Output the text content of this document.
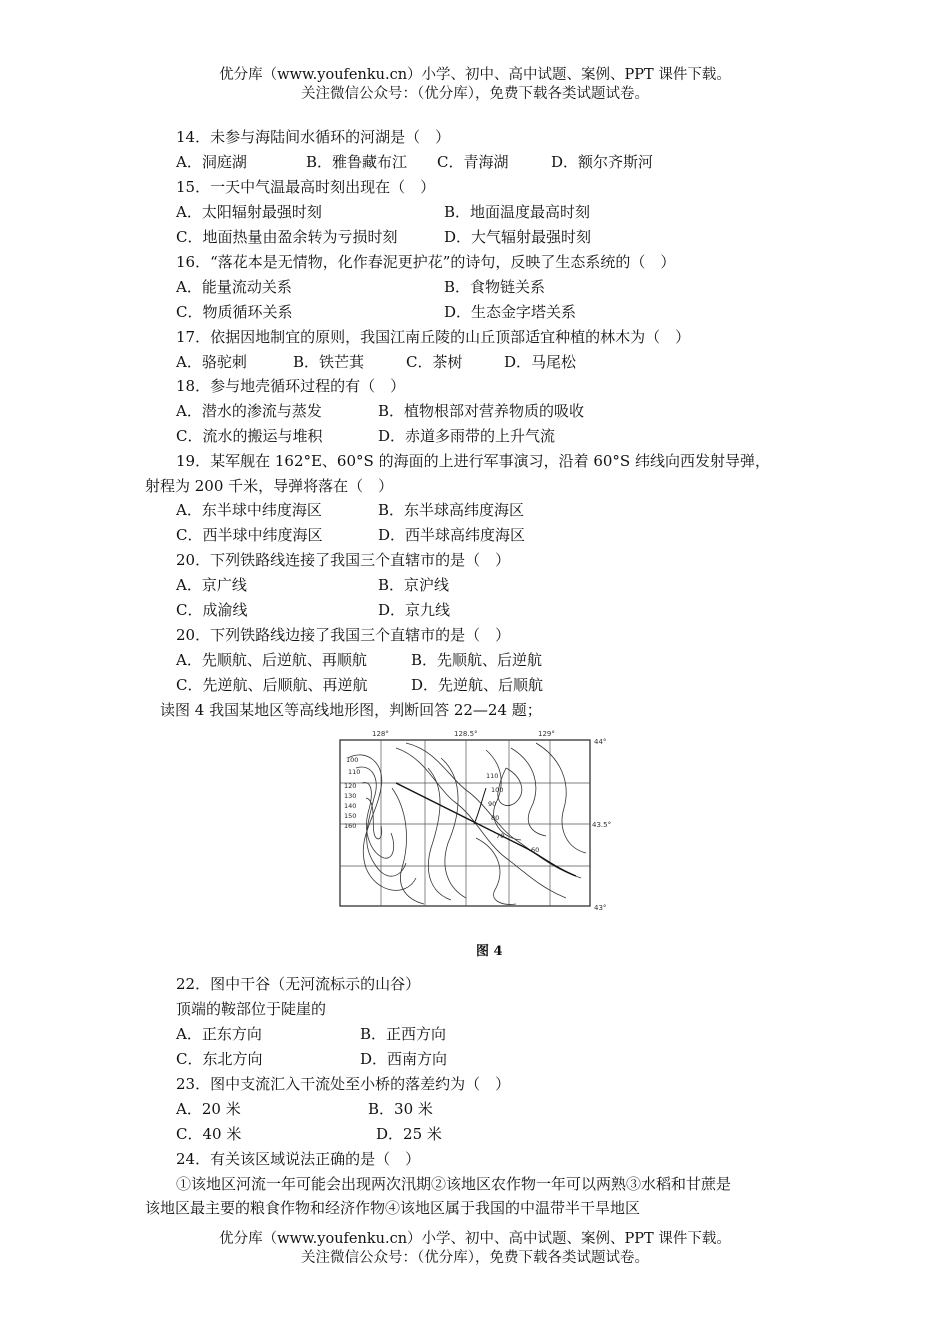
优分库（www.youfenku.cn）小学、初中、高中试题、案例、PPT 课件下载。
关注微信公众号：（优分库），免费下载各类试题试卷。
14．未参与海陆间水循环的河湖是（　）
A．洞庭湖	B．雅鲁藏布江 C．青海湖	D．额尔齐斯河
15．一天中气温最高时刻出现在（　）
A．太阳辐射最强时刻	B．地面温度最高时刻
C．地面热量由盈余转为亏损时刻	D．大气辐射最强时刻
16．“落花本是无情物，化作春泥更护花”的诗句，反映了生态系统的（　）
A．能量流动关系	B．食物链关系
C．物质循环关系	D．生态金字塔关系
17．依据因地制宜的原则，我国江南丘陵的山丘顶部适宜种植的林木为（　）
A．骆驼刺	B．铁芒萁	C．茶树	D．马尾松
18．参与地壳循环过程的有（　）
A．潜水的渗流与蒸发	B．植物根部对营养物质的吸收
C．流水的搬运与堆积	D．赤道多雨带的上升气流
19．某军舰在 162°E、60°S 的海面的上进行军事演习，沿着 60°S 纬线向西发射导弹，
射程为 200 千米，导弹将落在（　）
A．东半球中纬度海区	B．东半球高纬度海区
C．西半球中纬度海区	D．西半球高纬度海区
20．下列铁路线连接了我国三个直辖市的是（　）
A．京广线	B．京沪线
C．成渝线	D．京九线
20．下列铁路线边接了我国三个直辖市的是（　）
A．先顺航、后逆航、再顺航	B．先顺航、后逆航
C．先逆航、后顺航、再逆航	D．先逆航、后顺航
读图 4 我国某地区等高线地形图，判断回答 22—24 题；
128°	128.5°	129°
44°
43.5°
43°
100
110
120
130
140
150
160
110
100
90
80
70
60
图 4
22．图中干谷（无河流标示的山谷）
顶端的鞍部位于陡崖的
A．正东方向	B．正西方向
C．东北方向	D．西南方向
23．图中支流汇入干流处至小桥的落差约为（　）
A．20 米	B．30 米
C．40 米	D．25 米
24．有关该区域说法正确的是（　）
①该地区河流一年可能会出现两次汛期②该地区农作物一年可以两熟③水稻和甘蔗是
该地区最主要的粮食作物和经济作物④该地区属于我国的中温带半干旱地区
优分库（www.youfenku.cn）小学、初中、高中试题、案例、PPT 课件下载。
关注微信公众号：（优分库），免费下载各类试题试卷。
